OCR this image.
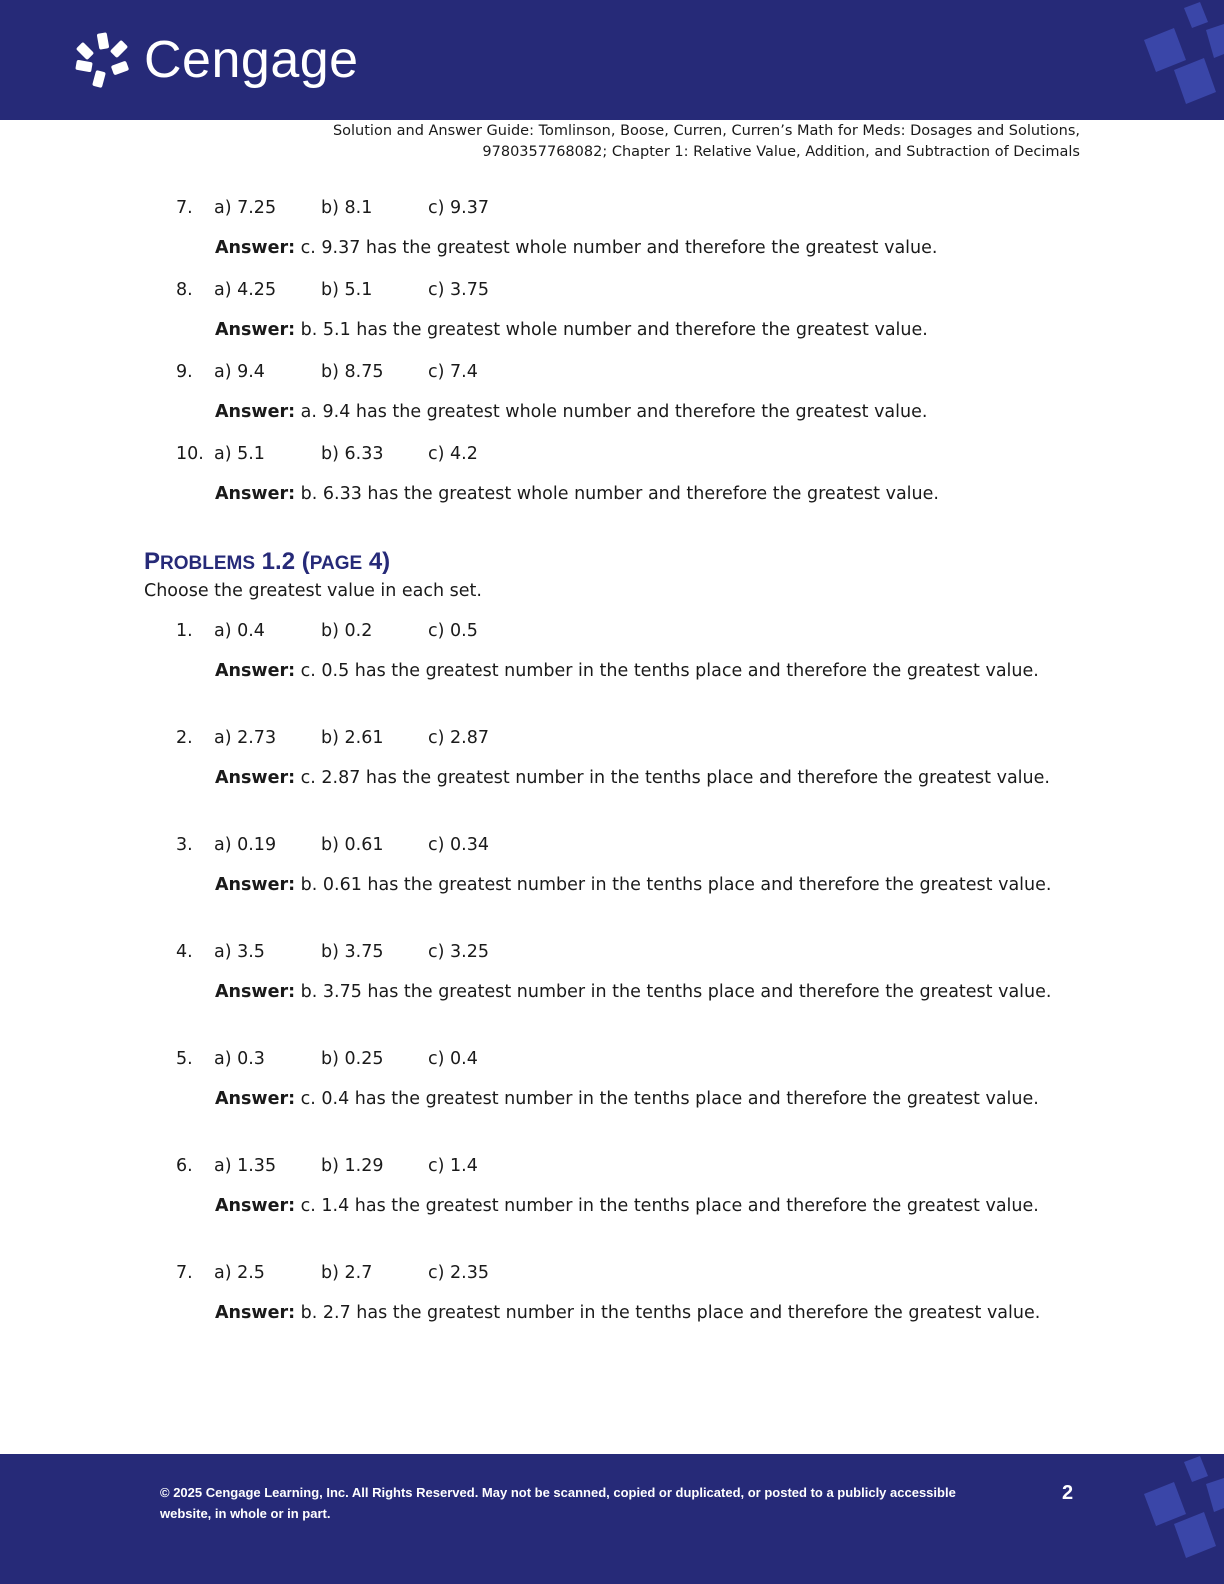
Cengage
Solution and Answer Guide: Tomlinson, Boose, Curren, Curren’s Math for Meds: Dosages and Solutions,
9780357768082; Chapter 1: Relative Value, Addition, and Subtraction of Decimals
7. a) 7.25	b) 8.1	c) 9.37
Answer: c. 9.37 has the greatest whole number and therefore the greatest value.
8. a) 4.25	b) 5.1	c) 3.75
Answer: b. 5.1 has the greatest whole number and therefore the greatest value.
9. a) 9.4	b) 8.75	c) 7.4
Answer: a. 9.4 has the greatest whole number and therefore the greatest value.
10. a) 5.1	b) 6.33	c) 4.2
Answer: b. 6.33 has the greatest whole number and therefore the greatest value.
PROBLEMS 1.2 (PAGE 4)
Choose the greatest value in each set.
1. a) 0.4	b) 0.2	c) 0.5
Answer: c. 0.5 has the greatest number in the tenths place and therefore the greatest value.
2. a) 2.73	b) 2.61	c) 2.87
Answer: c. 2.87 has the greatest number in the tenths place and therefore the greatest value.
3. a) 0.19	b) 0.61	c) 0.34
Answer: b. 0.61 has the greatest number in the tenths place and therefore the greatest value.
4. a) 3.5	b) 3.75	c) 3.25
Answer: b. 3.75 has the greatest number in the tenths place and therefore the greatest value.
5. a) 0.3	b) 0.25	c) 0.4
Answer: c. 0.4 has the greatest number in the tenths place and therefore the greatest value.
6. a) 1.35	b) 1.29	c) 1.4
Answer: c. 1.4 has the greatest number in the tenths place and therefore the greatest value.
7. a) 2.5	b) 2.7	c) 2.35
Answer: b. 2.7 has the greatest number in the tenths place and therefore the greatest value.
© 2025 Cengage Learning, Inc. All Rights Reserved. May not be scanned, copied or duplicated, or posted to a publicly accessible website, in whole or in part.
2
